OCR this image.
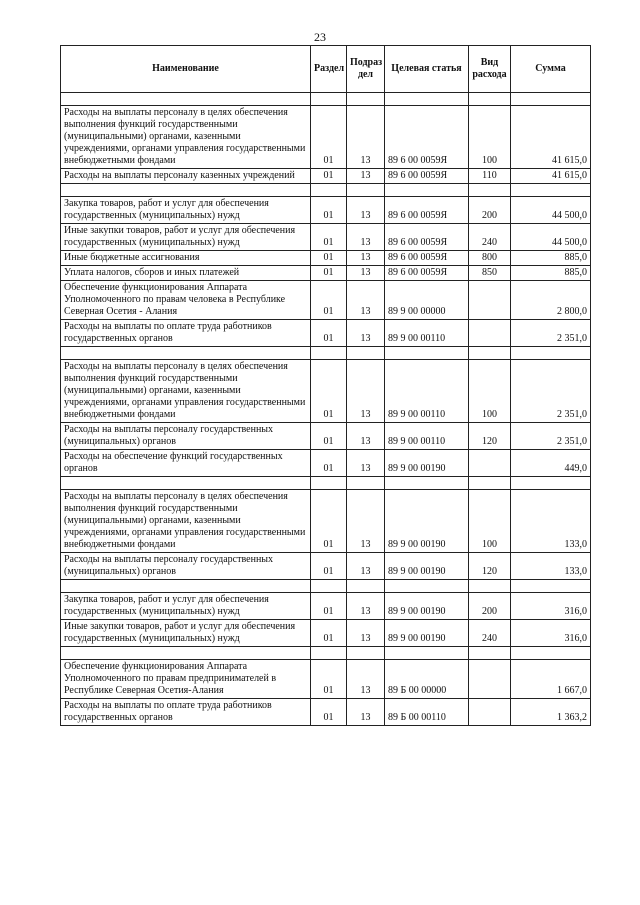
23
Наименование	Раздел	Подраз дел	Целевая статья	Вид расхода	Сумма

Расходы на выплаты персоналу в целях обеспечения выполнения функций государственными (муниципальными) органами, казенными учреждениями, органами управления государственными внебюджетными фондами	01	13	89 6 00 0059Я	100	41 615,0
Расходы на выплаты персоналу казенных учреждений	01	13	89 6 00 0059Я	110	41 615,0

Закупка товаров, работ и услуг для обеспечения государственных (муниципальных) нужд	01	13	89 6 00 0059Я	200	44 500,0
Иные закупки товаров, работ и услуг для обеспечения государственных (муниципальных) нужд	01	13	89 6 00 0059Я	240	44 500,0
Иные бюджетные ассигнования	01	13	89 6 00 0059Я	800	885,0
Уплата налогов, сборов и иных платежей	01	13	89 6 00 0059Я	850	885,0
Обеспечение функционирования Аппарата Уполномоченного по правам человека в Республике Северная Осетия - Алания	01	13	89 9 00 00000		2 800,0
Расходы на выплаты по оплате труда работников государственных органов	01	13	89 9 00 00110		2 351,0

Расходы на выплаты персоналу в целях обеспечения выполнения функций государственными (муниципальными) органами, казенными учреждениями, органами управления государственными внебюджетными фондами	01	13	89 9 00 00110	100	2 351,0
Расходы на выплаты персоналу государственных (муниципальных) органов	01	13	89 9 00 00110	120	2 351,0
Расходы на обеспечение функций государственных органов	01	13	89 9 00 00190		449,0

Расходы на выплаты персоналу в целях обеспечения выполнения функций государственными (муниципальными) органами, казенными учреждениями, органами управления государственными внебюджетными фондами	01	13	89 9 00 00190	100	133,0
Расходы на выплаты персоналу государственных (муниципальных) органов	01	13	89 9 00 00190	120	133,0

Закупка товаров, работ и услуг для обеспечения государственных (муниципальных) нужд	01	13	89 9 00 00190	200	316,0
Иные закупки товаров, работ и услуг для обеспечения государственных (муниципальных) нужд	01	13	89 9 00 00190	240	316,0

Обеспечение функционирования Аппарата Уполномоченного по правам предпринимателей в Республике Северная Осетия-Алания	01	13	89 Б 00 00000		1 667,0
Расходы на выплаты по оплате труда работников государственных органов	01	13	89 Б 00 00110		1 363,2
